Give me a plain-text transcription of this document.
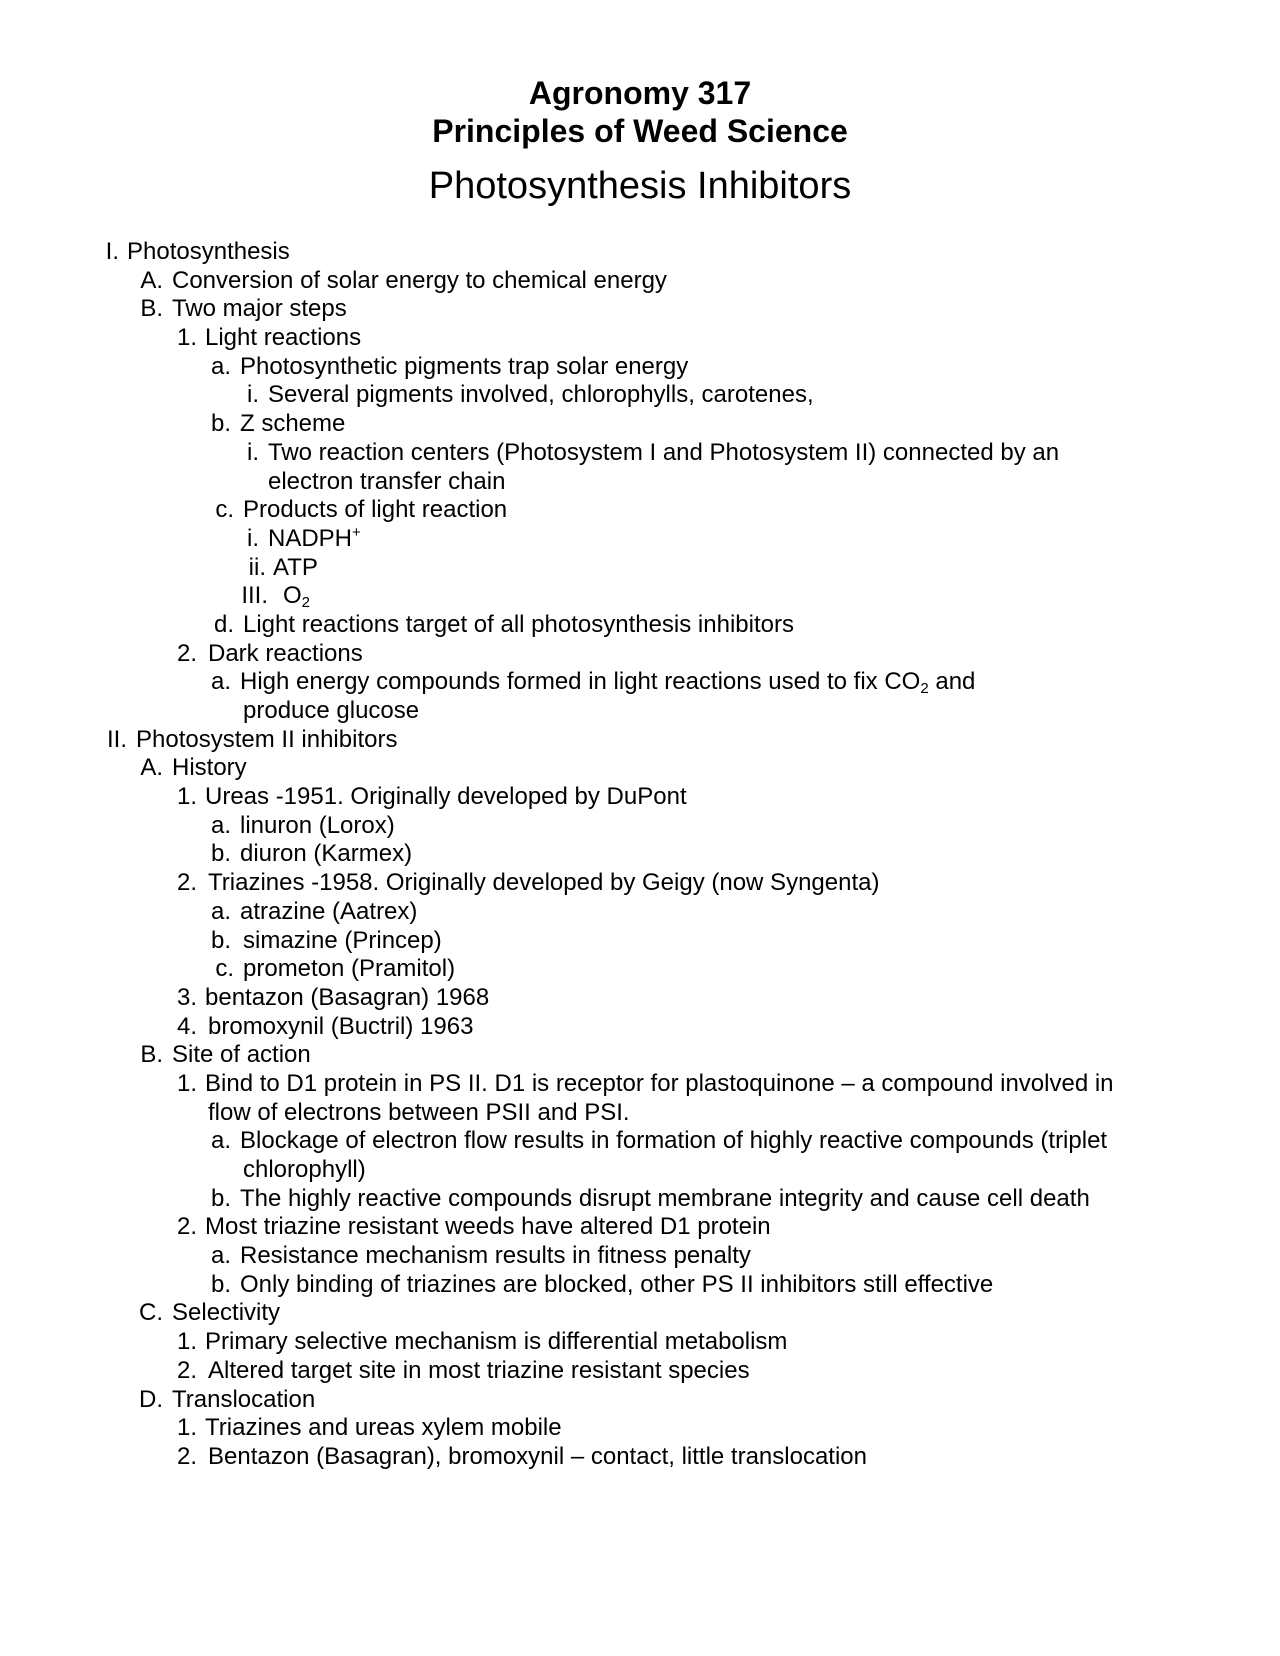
Agronomy 317
Principles of Weed Science
Photosynthesis Inhibitors
I. Photosynthesis
A. Conversion of solar energy to chemical energy
B. Two major steps
1. Light reactions
a. Photosynthetic pigments trap solar energy
i. Several pigments involved, chlorophylls, carotenes,
b. Z scheme
i. Two reaction centers (Photosystem I and Photosystem II) connected by an
electron transfer chain
c. Products of light reaction
i. NADPH+
ii. ATP
III. $O_2$
d. Light reactions target of all photosynthesis inhibitors
2. Dark reactions
a. High energy compounds formed in light reactions used to fix $CO_2$ and
produce glucose
II. Photosystem II inhibitors
A. History
1. Ureas -1951. Originally developed by DuPont
a. linuron (Lorox)
b. diuron (Karmex)
2. Triazines -1958. Originally developed by Geigy (now Syngenta)
a. atrazine (Aatrex)
b. simazine (Princep)
c. prometon (Pramitol)
3. bentazon (Basagran) 1968
4. bromoxynil (Buctril) 1963
B. Site of action
1. Bind to D1 protein in PS II. D1 is receptor for plastoquinone – a compound involved in
flow of electrons between PSII and PSI.
a. Blockage of electron flow results in formation of highly reactive compounds (triplet
chlorophyll)
b. The highly reactive compounds disrupt membrane integrity and cause cell death
2. Most triazine resistant weeds have altered D1 protein
a. Resistance mechanism results in fitness penalty
b. Only binding of triazines are blocked, other PS II inhibitors still effective
C. Selectivity
1. Primary selective mechanism is differential metabolism
2. Altered target site in most triazine resistant species
D. Translocation
1. Triazines and ureas xylem mobile
2. Bentazon (Basagran), bromoxynil – contact, little translocation
